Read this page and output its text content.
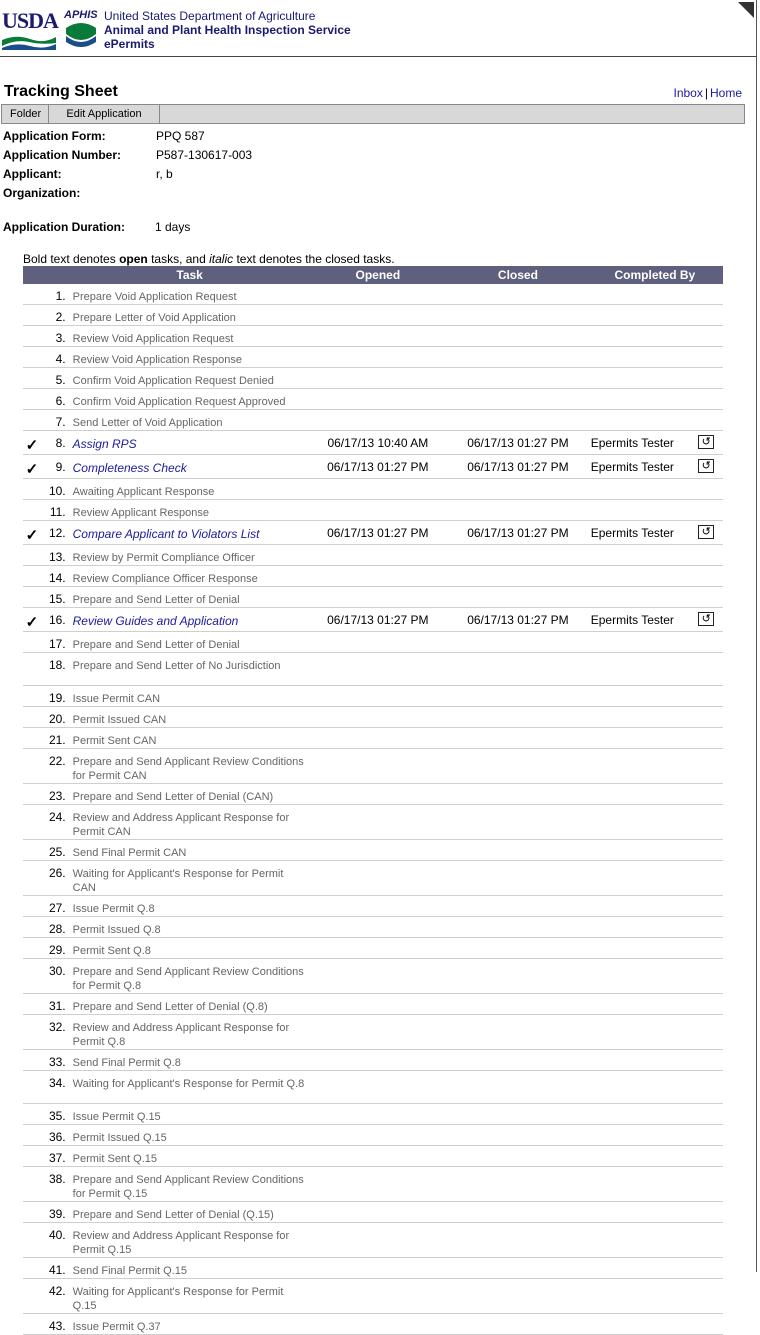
USDA APHIS United States Department of Agriculture
Animal and Plant Health Inspection Service
ePermits
Tracking Sheet	Inbox | Home
Folder	Edit Application
Application Form:	PPQ 587
Application Number:	P587-130617-003
Applicant:	r, b
Organization:
Application Duration:	1 days
Bold text denotes open tasks, and italic text denotes the closed tasks.
		Task	Opened	Closed	Completed By	
	1.	Prepare Void Application Request				
	2.	Prepare Letter of Void Application				
	3.	Review Void Application Request				
	4.	Review Void Application Response				
	5.	Confirm Void Application Request Denied				
	6.	Confirm Void Application Request Approved				
	7.	Send Letter of Void Application				
✓	8.	Assign RPS	06/17/13 10:40 AM	06/17/13 01:27 PM	Epermits Tester	↺
✓	9.	Completeness Check	06/17/13 01:27 PM	06/17/13 01:27 PM	Epermits Tester	↺
	10.	Awaiting Applicant Response				
	11.	Review Applicant Response				
✓	12.	Compare Applicant to Violators List	06/17/13 01:27 PM	06/17/13 01:27 PM	Epermits Tester	↺
	13.	Review by Permit Compliance Officer				
	14.	Review Compliance Officer Response				
	15.	Prepare and Send Letter of Denial				
✓	16.	Review Guides and Application	06/17/13 01:27 PM	06/17/13 01:27 PM	Epermits Tester	↺
	17.	Prepare and Send Letter of Denial				
	18.	Prepare and Send Letter of No Jurisdiction				
	19.	Issue Permit CAN				
	20.	Permit Issued CAN				
	21.	Permit Sent CAN				
	22.	Prepare and Send Applicant Review Conditions for Permit CAN				
	23.	Prepare and Send Letter of Denial (CAN)				
	24.	Review and Address Applicant Response for Permit CAN				
	25.	Send Final Permit CAN				
	26.	Waiting for Applicant's Response for Permit CAN				
	27.	Issue Permit Q.8				
	28.	Permit Issued Q.8				
	29.	Permit Sent Q.8				
	30.	Prepare and Send Applicant Review Conditions for Permit Q.8				
	31.	Prepare and Send Letter of Denial (Q.8)				
	32.	Review and Address Applicant Response for Permit Q.8				
	33.	Send Final Permit Q.8				
	34.	Waiting for Applicant's Response for Permit Q.8				
	35.	Issue Permit Q.15				
	36.	Permit Issued Q.15				
	37.	Permit Sent Q.15				
	38.	Prepare and Send Applicant Review Conditions for Permit Q.15				
	39.	Prepare and Send Letter of Denial (Q.15)				
	40.	Review and Address Applicant Response for Permit Q.15				
	41.	Send Final Permit Q.15				
	42.	Waiting for Applicant's Response for Permit Q.15				
	43.	Issue Permit Q.37				
